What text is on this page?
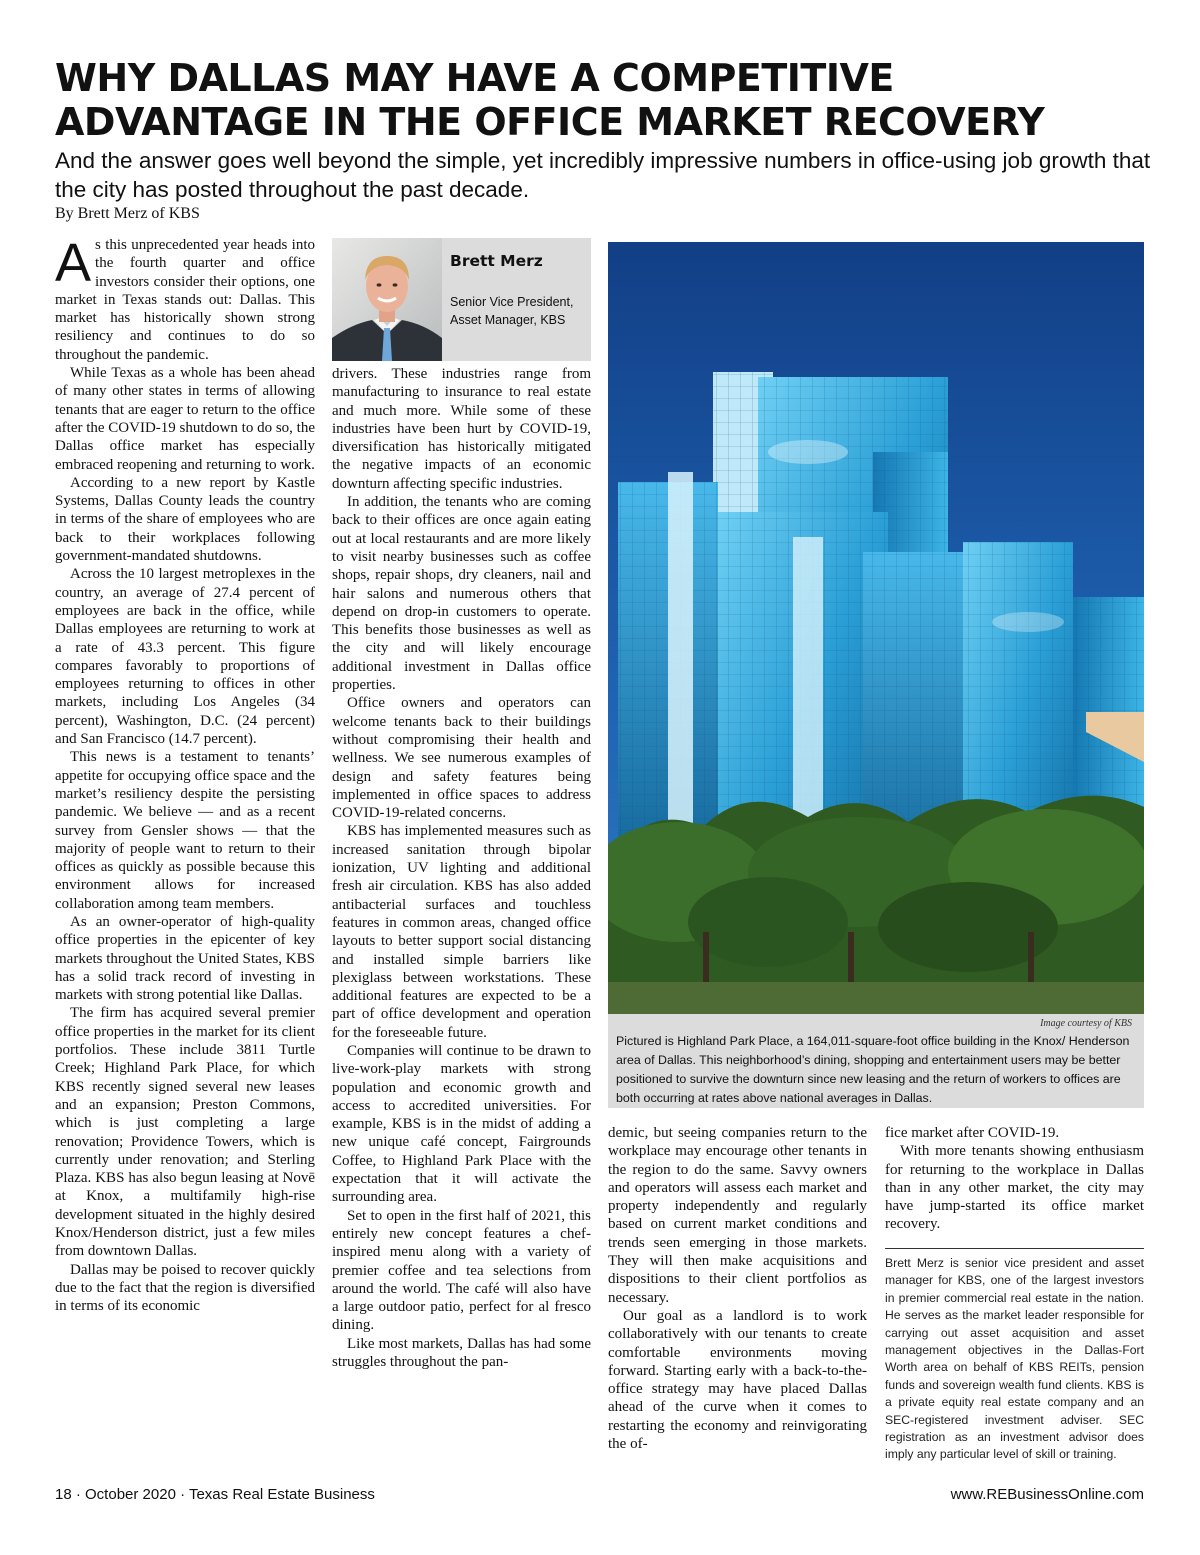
WHY DALLAS MAY HAVE A COMPETITIVE ADVANTAGE IN THE OFFICE MARKET RECOVERY

And the answer goes well beyond the simple, yet incredibly impressive numbers in office-using job growth that the city has posted throughout the past decade.

By Brett Merz of KBS

As this unprecedented year heads into the fourth quarter and office investors consider their options, one market in Texas stands out: Dallas. This market has historically shown strong resiliency and continues to do so throughout the pandemic.

While Texas as a whole has been ahead of many other states in terms of allowing tenants that are eager to return to the office after the COVID-19 shutdown to do so, the Dallas office market has especially embraced reopening and returning to work.

According to a new report by Kastle Systems, Dallas County leads the country in terms of the share of employees who are back to their workplaces following government-mandated shutdowns.

Across the 10 largest metroplexes in the country, an average of 27.4 percent of employees are back in the office, while Dallas employees are returning to work at a rate of 43.3 percent. This figure compares favorably to proportions of employees returning to offices in other markets, including Los Angeles (34 percent), Washington, D.C. (24 percent) and San Francisco (14.7 percent).

This news is a testament to tenants’ appetite for occupying office space and the market’s resiliency despite the persisting pandemic. We believe — and as a recent survey from Gensler shows — that the majority of people want to return to their offices as quickly as possible because this environment allows for increased collaboration among team members.

As an owner-operator of high-quality office properties in the epicenter of key markets throughout the United States, KBS has a solid track record of investing in markets with strong potential like Dallas.

The firm has acquired several premier office properties in the market for its client portfolios. These include 3811 Turtle Creek; Highland Park Place, for which KBS recently signed several new leases and an expansion; Preston Commons, which is just completing a large renovation; Providence Towers, which is currently under renovation; and Sterling Plaza. KBS has also begun leasing at Novē at Knox, a multifamily high-rise development situated in the highly desired Knox/Henderson district, just a few miles from downtown Dallas.

Dallas may be poised to recover quickly due to the fact that the region is diversified in terms of its economic

Brett Merz
Senior Vice President, Asset Manager, KBS

drivers. These industries range from manufacturing to insurance to real estate and much more. While some of these industries have been hurt by COVID-19, diversification has historically mitigated the negative impacts of an economic downturn affecting specific industries.

In addition, the tenants who are coming back to their offices are once again eating out at local restaurants and are more likely to visit nearby businesses such as coffee shops, repair shops, dry cleaners, nail and hair salons and numerous others that depend on drop-in customers to operate. This benefits those businesses as well as the city and will likely encourage additional investment in Dallas office properties.

Office owners and operators can welcome tenants back to their buildings without compromising their health and wellness. We see numerous examples of design and safety features being implemented in office spaces to address COVID-19-related concerns.

KBS has implemented measures such as increased sanitation through bipolar ionization, UV lighting and additional fresh air circulation. KBS has also added antibacterial surfaces and touchless features in common areas, changed office layouts to better support social distancing and installed simple barriers like plexiglass between workstations. These additional features are expected to be a part of office development and operation for the foreseeable future.

Companies will continue to be drawn to live-work-play markets with strong population and economic growth and access to accredited universities. For example, KBS is in the midst of adding a new unique café concept, Fairgrounds Coffee, to Highland Park Place with the expectation that it will activate the surrounding area.

Set to open in the first half of 2021, this entirely new concept features a chef-inspired menu along with a variety of premier coffee and tea selections from around the world. The café will also have a large outdoor patio, perfect for al fresco dining.

Like most markets, Dallas has had some struggles throughout the pan-

Image courtesy of KBS
Pictured is Highland Park Place, a 164,011-square-foot office building in the Knox/ Henderson area of Dallas. This neighborhood’s dining, shopping and entertainment users may be better positioned to survive the downturn since new leasing and the return of workers to offices are both occurring at rates above national averages in Dallas.

demic, but seeing companies return to the workplace may encourage other tenants in the region to do the same. Savvy owners and operators will assess each market and property independently and regularly based on current market conditions and trends seen emerging in those markets. They will then make acquisitions and dispositions to their client portfolios as necessary.

Our goal as a landlord is to work collaboratively with our tenants to create comfortable environments moving forward. Starting early with a back-to-the-office strategy may have placed Dallas ahead of the curve when it comes to restarting the economy and reinvigorating the of-

fice market after COVID-19.

With more tenants showing enthusiasm for returning to the workplace in Dallas than in any other market, the city may have jump-started its office market recovery.

Brett Merz is senior vice president and asset manager for KBS, one of the largest investors in premier commercial real estate in the nation. He serves as the market leader responsible for carrying out asset acquisition and asset management objectives in the Dallas-Fort Worth area on behalf of KBS REITs, pension funds and sovereign wealth fund clients. KBS is a private equity real estate company and an SEC-registered investment adviser. SEC registration as an investment advisor does imply any particular level of skill or training.
18 · October 2020 · Texas Real Estate Business	www.REBusinessOnline.com
